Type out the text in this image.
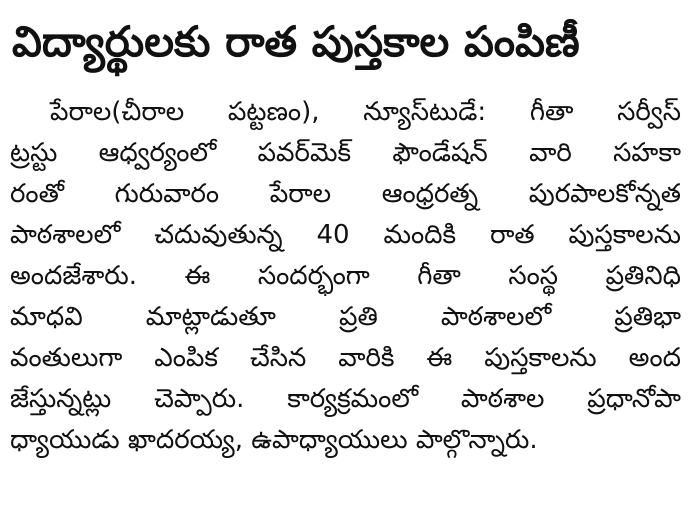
విద్యార్థులకు రాత పుస్తకాల పంపిణీ
పేరాల(చీరాల పట్టణం), న్యూస్‌టుడే: గీతా సర్వీస్
ట్రస్టు ఆధ్వర్యంలో పవర్‌మెక్ ఫౌండేషన్ వారి సహకా
రంతో గురువారం పేరాల ఆంధ్రరత్న పురపాలకోన్నత
పాఠశాలలో చదువుతున్న 40 మందికి రాత పుస్తకాలను
అందజేశారు. ఈ సందర్భంగా గీతా సంస్థ ప్రతినిధి
మాధవి మాట్లాడుతూ ప్రతి పాఠశాలలో ప్రతిభా
వంతులుగా ఎంపిక చేసిన వారికి ఈ పుస్తకాలను అంద
జేస్తున్నట్లు చెప్పారు. కార్యక్రమంలో పాఠశాల ప్రధానోపా
ధ్యాయుడు ఖాదరయ్య, ఉపాధ్యాయులు పాల్గొన్నారు.
